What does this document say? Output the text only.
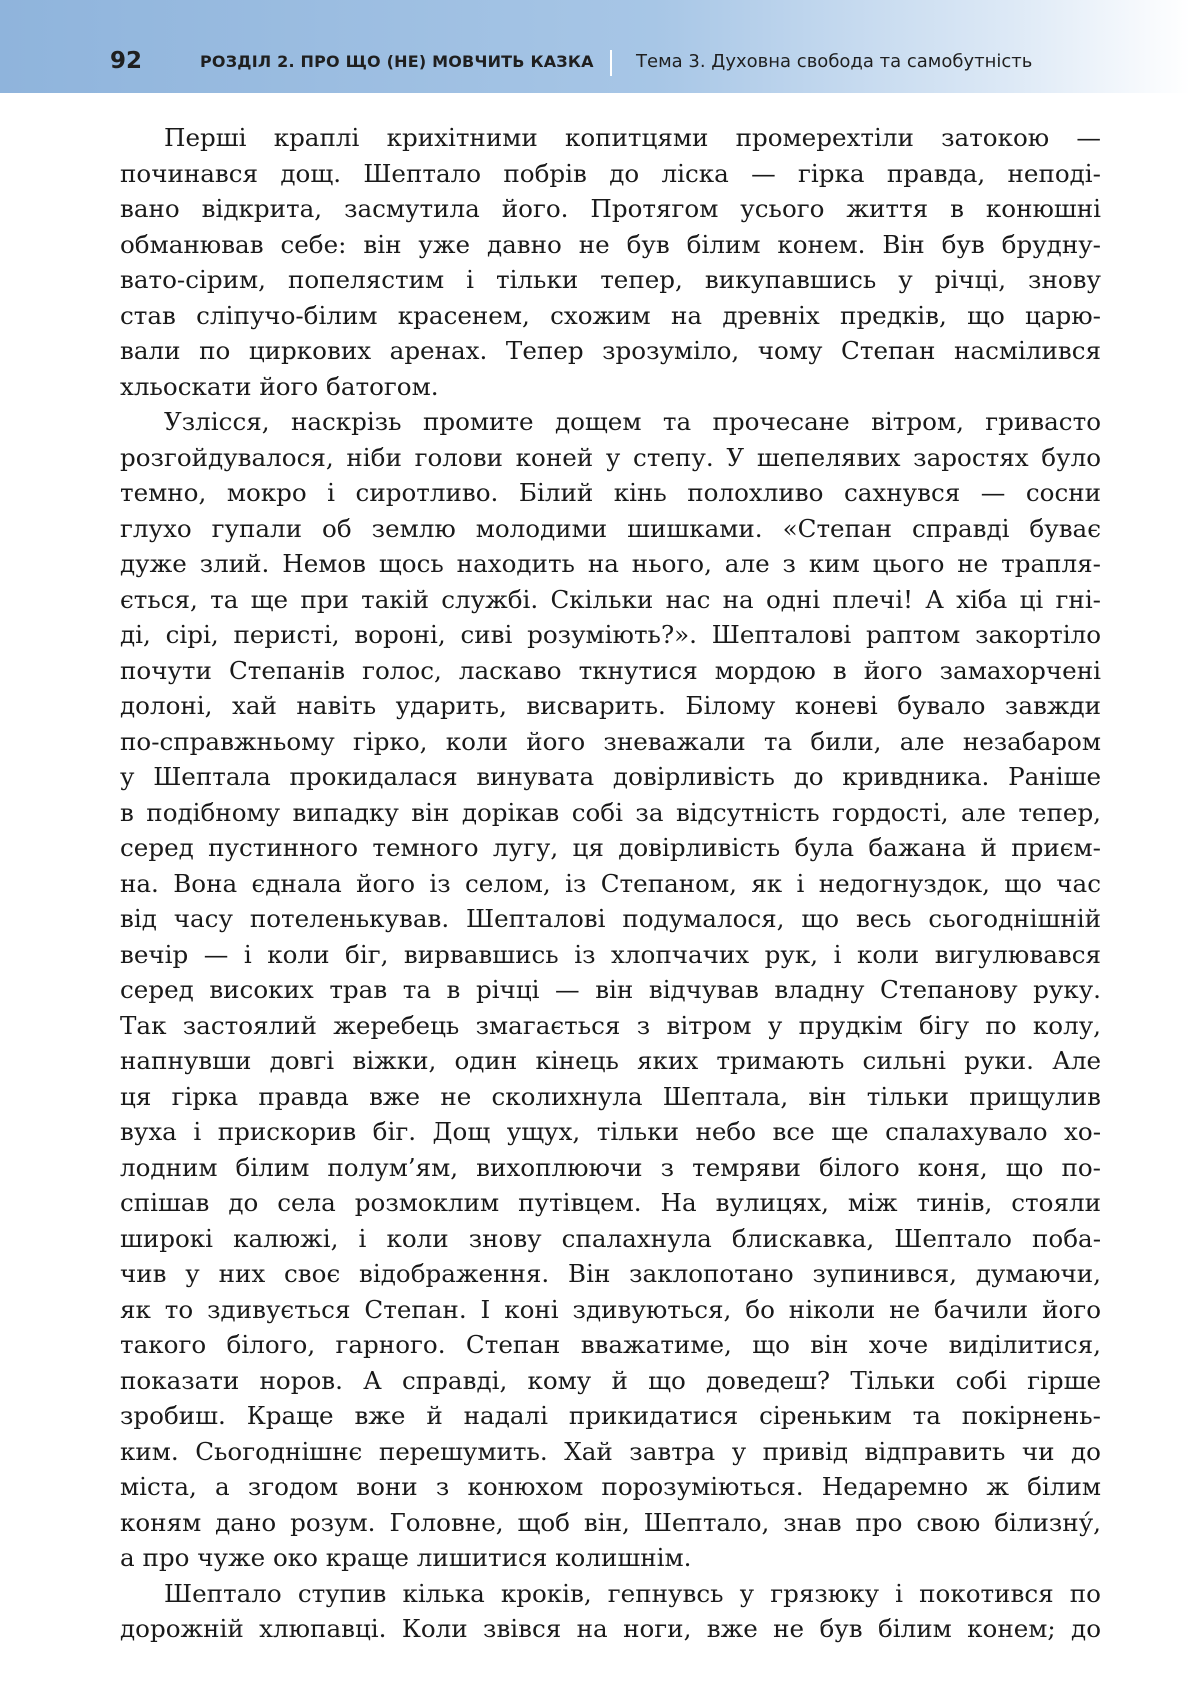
92	РОЗДІЛ 2. ПРО ЩО (НЕ) МОВЧИТЬ КАЗКА Тема 3. Духовна свобода та самобутність
Перші краплі крихітними копитцями промерехтіли затокою —
починався дощ. Шептало побрів до ліска — гірка правда, неподі-
вано відкрита, засмутила його. Протягом усього життя в конюшні
обманював себе: він уже давно не був білим конем. Він був брудну-
вато-сірим, попелястим і тільки тепер, викупавшись у річці, знову
став сліпучо-білим красенем, схожим на древніх предків, що царю-
вали по циркових аренах. Тепер зрозуміло, чому Степан насмілився
хльоскати його батогом.
Узлісся, наскрізь промите дощем та прочесане вітром, гривасто
розгойдувалося, ніби голови коней у степу. У шепелявих заростях було
темно, мокро і сиротливо. Білий кінь полохливо сахнувся — сосни
глухо гупали об землю молодими шишками. «Степан справді буває
дуже злий. Немов щось находить на нього, але з ким цього не трапля-
ється, та ще при такій службі. Скільки нас на одні плечі! А хіба ці гні-
ді, сірі, перисті, вороні, сиві розуміють?». Шепталові раптом закортіло
почути Степанів голос, ласкаво ткнутися мордою в його замахорчені
долоні, хай навіть ударить, висварить. Білому коневі бувало завжди
по-справжньому гірко, коли його зневажали та били, але незабаром
у Шептала прокидалася винувата довірливість до кривдника. Раніше
в подібному випадку він дорікав собі за відсутність гордості, але тепер,
серед пустинного темного лугу, ця довірливість була бажана й приєм-
на. Вона єднала його із селом, із Степаном, як і недогнуздок, що час
від часу потеленькував. Шепталові подумалося, що весь сьогоднішній
вечір — і коли біг, вирвавшись із хлопчачих рук, і коли вигулювався
серед високих трав та в річці — він відчував владну Степанову руку.
Так застоялий жеребець змагається з вітром у прудкім бігу по колу,
напнувши довгі віжки, один кінець яких тримають сильні руки. Але
ця гірка правда вже не сколихнула Шептала, він тільки прищулив
вуха і прискорив біг. Дощ ущух, тільки небо все ще спалахувало хо-
лодним білим полум’ям, вихоплюючи з темряви білого коня, що по-
спішав до села розмоклим путівцем. На вулицях, між тинів, стояли
широкі калюжі, і коли знову спалахнула блискавка, Шептало поба-
чив у них своє відображення. Він заклопотано зупинився, думаючи,
як то здивується Степан. І коні здивуються, бо ніколи не бачили його
такого білого, гарного. Степан вважатиме, що він хоче виділитися,
показати норов. А справді, кому й що доведеш? Тільки собі гірше
зробиш. Краще вже й надалі прикидатися сіреньким та покірнень-
ким. Сьогоднішнє перешумить. Хай завтра у привід відправить чи до
міста, а згодом вони з конюхом порозуміються. Недаремно ж білим
коням дано розум. Головне, щоб він, Шептало, знав про свою білизну́,
а про чуже око краще лишитися колишнім.
Шептало ступив кілька кроків, гепнувсь у грязюку і покотився по
дорожній хлюпавці. Коли звівся на ноги, вже не був білим конем; до
